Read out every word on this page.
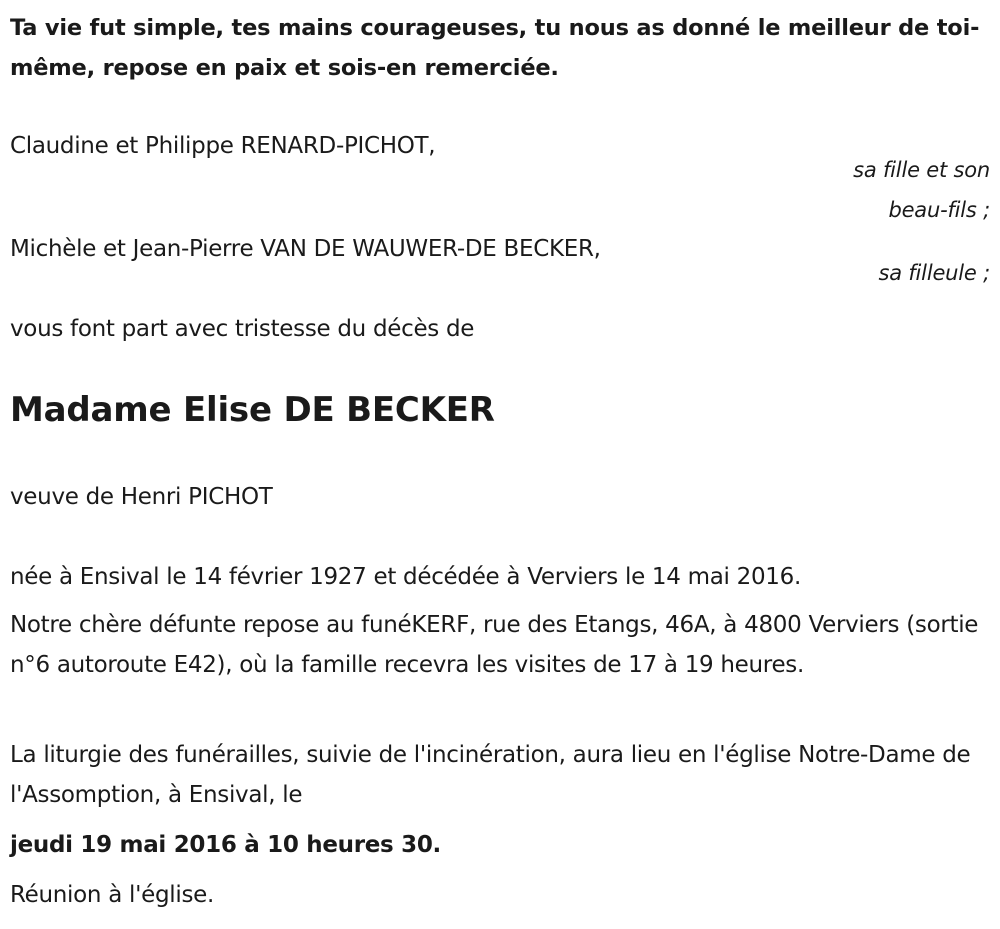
Ta vie fut simple, tes mains courageuses, tu nous as donné le meilleur de toi-même, repose en paix et sois-en remerciée.

Claudine et Philippe RENARD-PICHOT,

sa fille et son

beau-fils ;

Michèle et Jean-Pierre VAN DE WAUWER-DE BECKER,

sa filleule ;

vous font part avec tristesse du décès de

Madame Elise DE BECKER

veuve de Henri PICHOT

née à Ensival le 14 février 1927 et décédée à Verviers le 14 mai 2016.

Notre chère défunte repose au funéKERF, rue des Etangs, 46A, à 4800 Verviers (sortie n°6 autoroute E42), où la famille recevra les visites de 17 à 19 heures.

La liturgie des funérailles, suivie de l'incinération, aura lieu en l'église Notre-Dame de l'Assomption, à Ensival, le

jeudi 19 mai 2016 à 10 heures 30.

Réunion à l'église.
